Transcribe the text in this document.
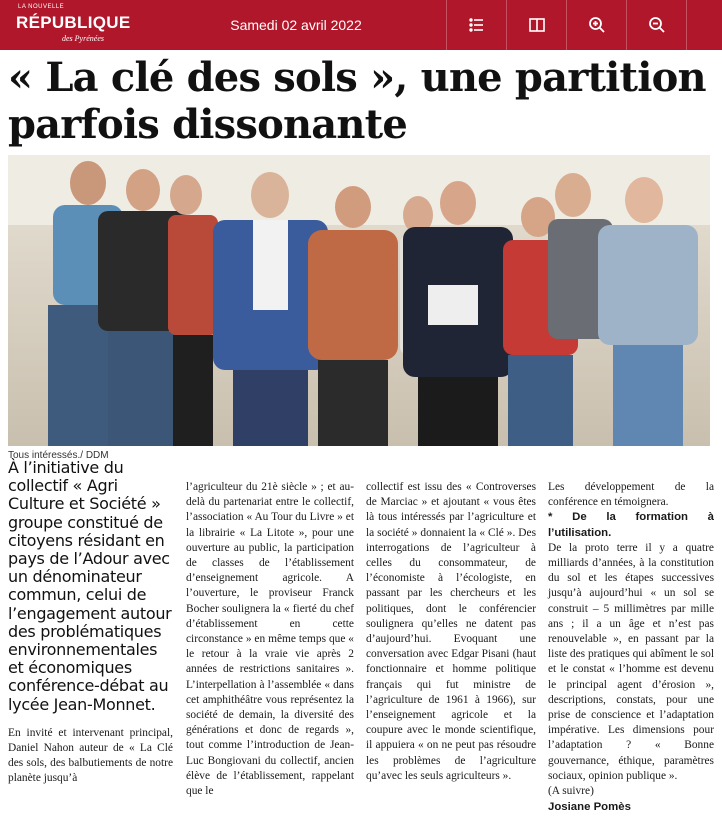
LA NOUVELLE
RÉPUBLIQUE
des Pyrénées
Samedi 02 avril 2022
« La clé des sols », une partition parfois dissonante
Tous intéressés./ DDM

À l’initiative du collectif « Agri Culture et Société » groupe constitué de citoyens résidant en pays de l’Adour avec un dénominateur commun, celui de l’engagement autour des problématiques environnementales et économiques conférence-débat au lycée Jean-Monnet.

En invité et intervenant principal, Daniel Nahon auteur de « La Clé des sols, des balbutiements de notre planète jusqu’à

l’agriculteur du 21è siècle » ; et au-delà du partenariat entre le collectif, l’association « Au Tour du Livre » et la librairie « La Litote », pour une ouverture au public, la participation de classes de l’établissement d’enseignement agricole. A l’ouverture, le proviseur Franck Bocher soulignera la « fierté du chef d’établissement en cette circonstance » en même temps que « le retour à la vraie vie après 2 années de restrictions sanitaires ». L’interpellation à l’assemblée « dans cet amphithéâtre vous représentez la société de demain, la diversité des générations et donc de regards », tout comme l’introduction de Jean-Luc Bongiovani du collectif, ancien élève de l’établissement, rappelant que le

collectif est issu des « Controverses de Marciac » et ajoutant « vous êtes là tous intéressés par l’agriculture et la société » donnaient la « Clé ». Des interrogations de l’agriculteur à celles du consommateur, de l’économiste à l’écologiste, en passant par les chercheurs et les politiques, dont le conférencier soulignera qu’elles ne datent pas d’aujourd’hui. Evoquant une conversation avec Edgar Pisani (haut fonctionnaire et homme politique français qui fut ministre de l’agriculture de 1961 à 1966), sur l’enseignement agricole et la coupure avec le monde scientifique, il appuiera « on ne peut pas résoudre les problèmes de l’agriculture qu’avec les seuls agriculteurs ».

Les développement de la conférence en témoignera.

* De la formation à l’utilisation.

De la proto terre il y a quatre milliards d’années, à la constitution du sol et les étapes successives jusqu’à aujourd’hui « un sol se construit – 5 millimètres par mille ans ; il a un âge et n’est pas renouvelable », en passant par la liste des pratiques qui abîment le sol et le constat « l’homme est devenu le principal agent d’érosion », descriptions, constats, pour une prise de conscience et l’adaptation impérative. Les dimensions pour l’adaptation ? « Bonne gouvernance, éthique, paramètres sociaux, opinion publique ».

(A suivre)

Josiane Pomès
